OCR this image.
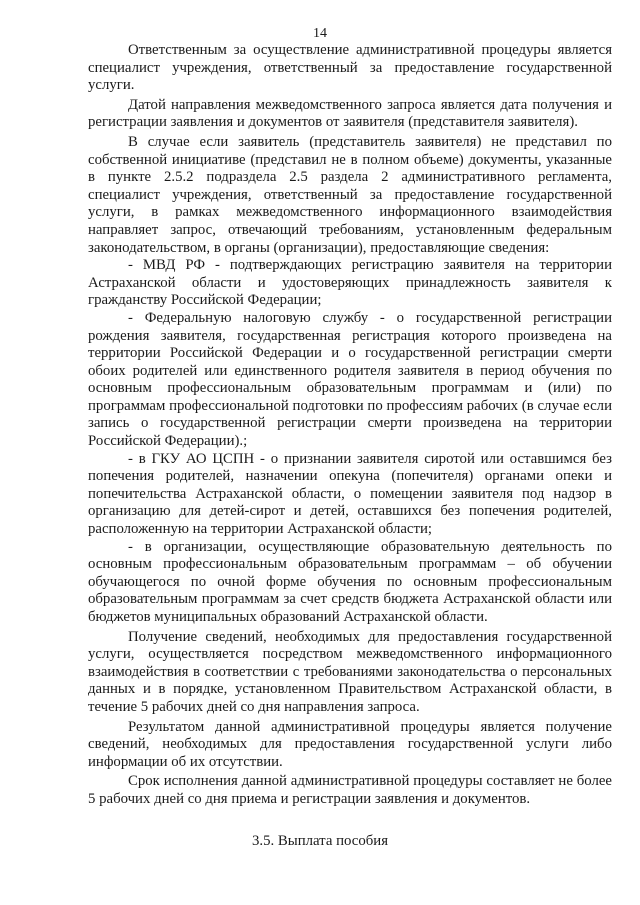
14

Ответственным за осуществление административной процедуры является специалист учреждения, ответственный за предоставление государственной услуги.

Датой направления межведомственного запроса является дата получения и регистрации заявления и документов от заявителя (представителя заявителя).

В случае если заявитель (представитель заявителя) не представил по собственной инициативе (представил не в полном объеме) документы, указанные в пункте 2.5.2 подраздела 2.5 раздела 2 административного регламента, специалист учреждения, ответственный за предоставление государственной услуги, в рамках межведомственного информационного взаимодействия направляет запрос, отвечающий требованиям, установленным федеральным законодательством, в органы (организации), предоставляющие сведения:

- МВД РФ - подтверждающих регистрацию заявителя на территории Астраханской области и удостоверяющих принадлежность заявителя к гражданству Российской Федерации;

- Федеральную налоговую службу - о государственной регистрации рождения заявителя, государственная регистрация которого произведена на территории Российской Федерации и о государственной регистрации смерти обоих родителей или единственного родителя заявителя в период обучения по основным профессиональным образовательным программам и (или) по программам профессиональной подготовки по профессиям рабочих (в случае если запись о государственной регистрации смерти произведена на территории Российской Федерации).;

- в ГКУ АО ЦСПН - о признании заявителя сиротой или оставшимся без попечения родителей, назначении опекуна (попечителя) органами опеки и попечительства Астраханской области, о помещении заявителя под надзор в организацию для детей-сирот и детей, оставшихся без попечения родителей, расположенную на территории Астраханской области;

- в организации, осуществляющие образовательную деятельность по основным профессиональным образовательным программам – об обучении обучающегося по очной форме обучения по основным профессиональным образовательным программам за счет средств бюджета Астраханской области или бюджетов муниципальных образований Астраханской области.

Получение сведений, необходимых для предоставления государственной услуги, осуществляется посредством межведомственного информационного взаимодействия в соответствии с требованиями законодательства о персональных данных и в порядке, установленном Правительством Астраханской области, в течение 5 рабочих дней со дня направления запроса.

Результатом данной административной процедуры является получение сведений, необходимых для предоставления государственной услуги либо информации об их отсутствии.

Срок исполнения данной административной процедуры составляет не более 5 рабочих дней со дня приема и регистрации заявления и документов.

3.5. Выплата пособия
